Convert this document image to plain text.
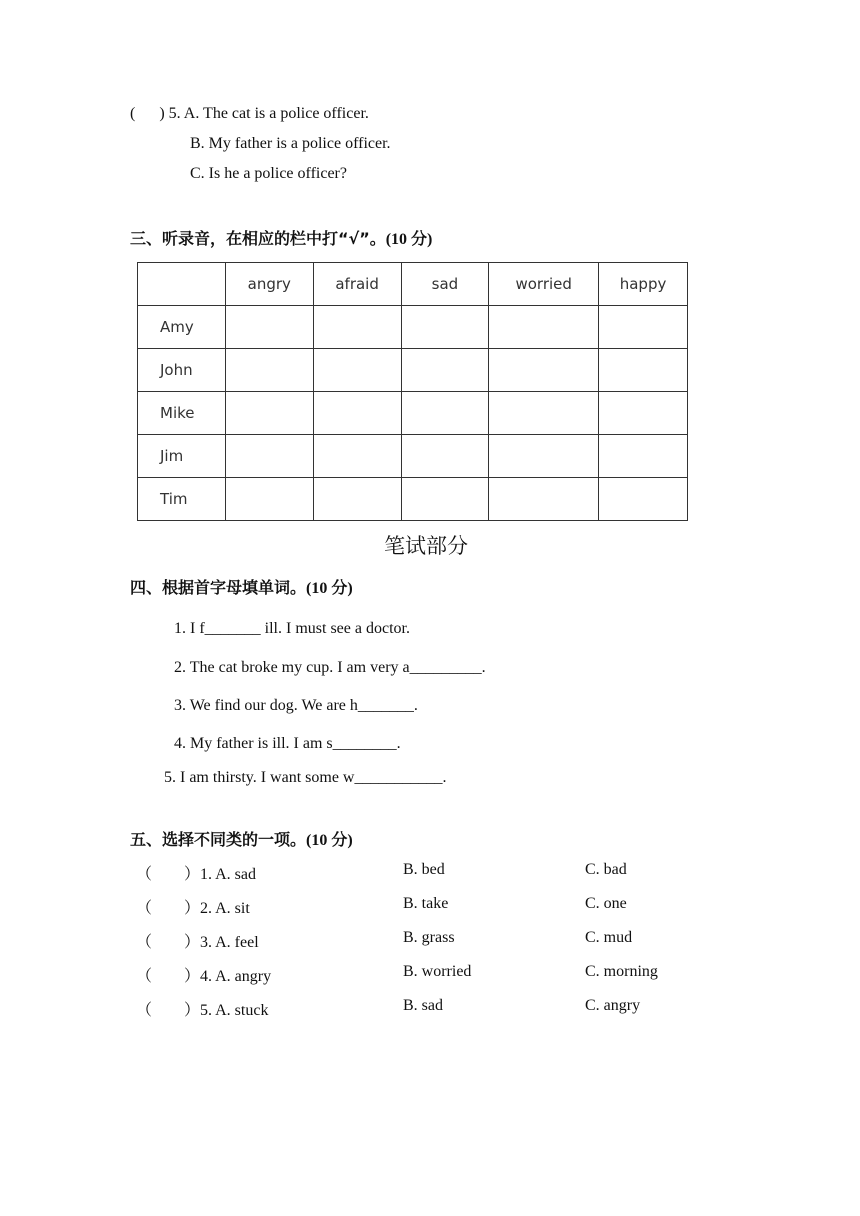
(      ) 5. A. The cat is a police officer.
B. My father is a police officer.
C. Is he a police officer?
三、听录音，在相应的栏中打“√”。(10 分)
	angry	afraid	sad	worried	happy
Amy					
John					
Mike					
Jim					
Tim					
笔试部分
四、根据首字母填单词。(10 分)
1. I f_______ ill. I must see a doctor.
2. The cat broke my cup. I am very a_________.
3. We find our dog. We are h_______.
4. My father is ill. I am s________.
5. I am thirsty. I want some w___________.
五、选择不同类的一项。(10 分)
（ ）1. A. sad	B. bed	C. bad
（ ）2. A. sit	B. take	C. one
（ ）3. A. feel	B. grass	C. mud
（ ）4. A. angry	B. worried	C. morning
（ ）5. A. stuck	B. sad	C. angry
